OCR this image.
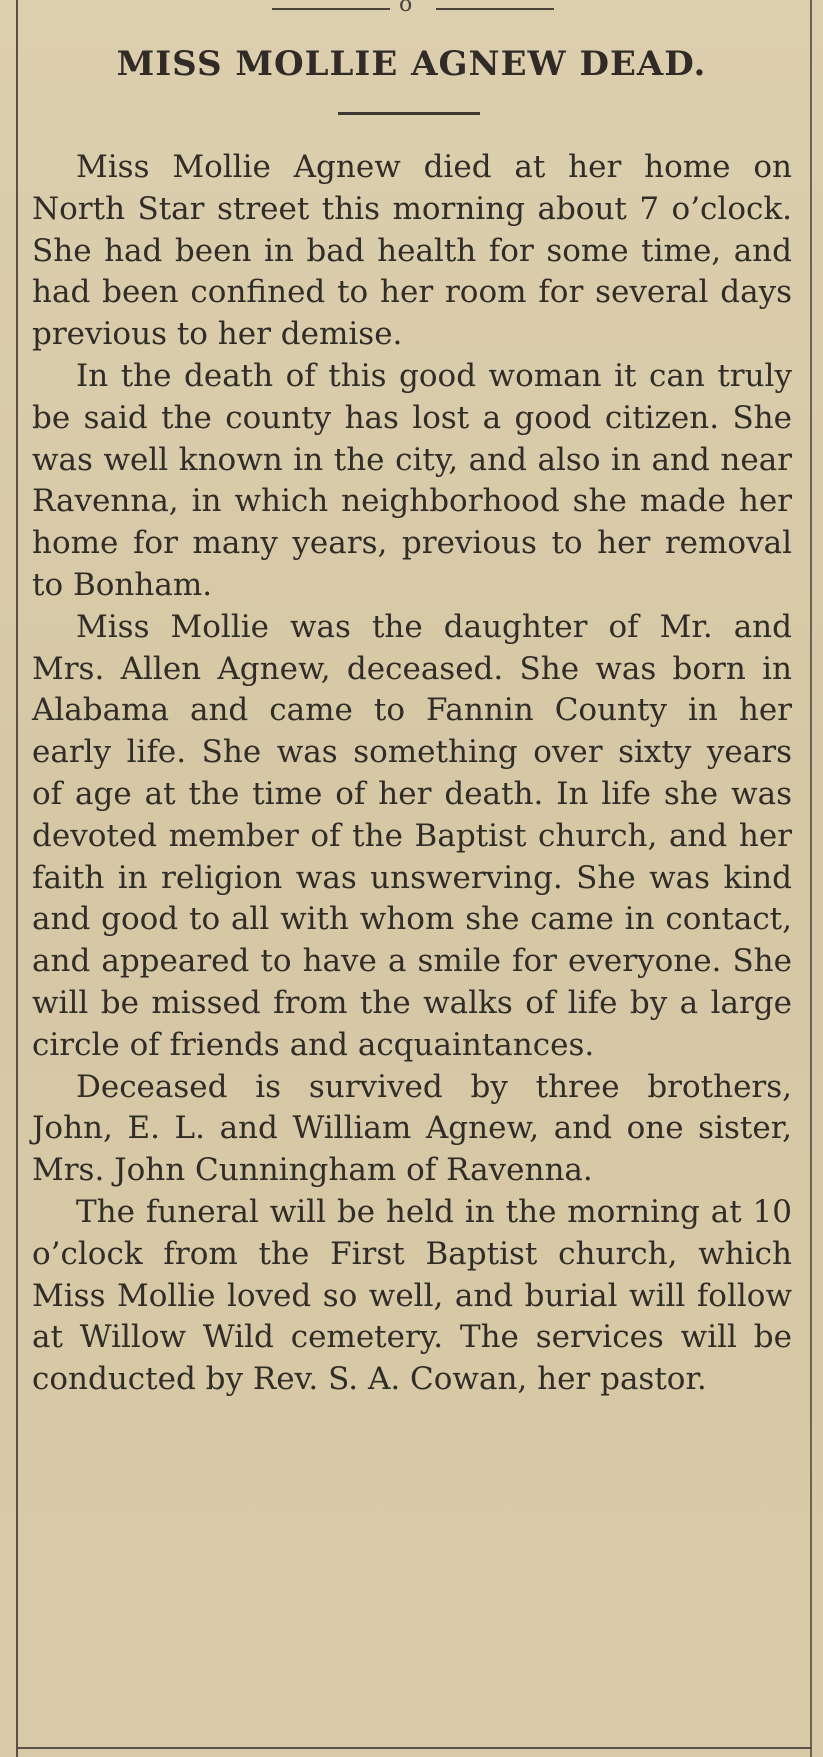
o
MISS MOLLIE AGNEW DEAD.

Miss Mollie Agnew died at her home on North Star street this morning about 7 o’clock. She had been in bad health for some time, and had been confined to her room for several days previous to her demise.

In the death of this good woman it can truly be said the county has lost a good citizen. She was well known in the city, and also in and near Ravenna, in which neighborhood she made her home for many years, previous to her removal to Bonham.

Miss Mollie was the daughter of Mr. and Mrs. Allen Agnew, deceased. She was born in Alabama and came to Fannin County in her early life. She was something over sixty years of age at the time of her death. In life she was devoted member of the Baptist church, and her faith in religion was unswerving. She was kind and good to all with whom she came in contact, and appeared to have a smile for everyone. She will be missed from the walks of life by a large circle of friends and acquaintances.

Deceased is survived by three brothers, John, E. L. and William Agnew, and one sister, Mrs. John Cunningham of Ravenna.

The funeral will be held in the morning at 10 o’clock from the First Baptist church, which Miss Mollie loved so well, and burial will follow at Willow Wild cemetery. The services will be conducted by Rev. S. A. Cowan, her pastor.
